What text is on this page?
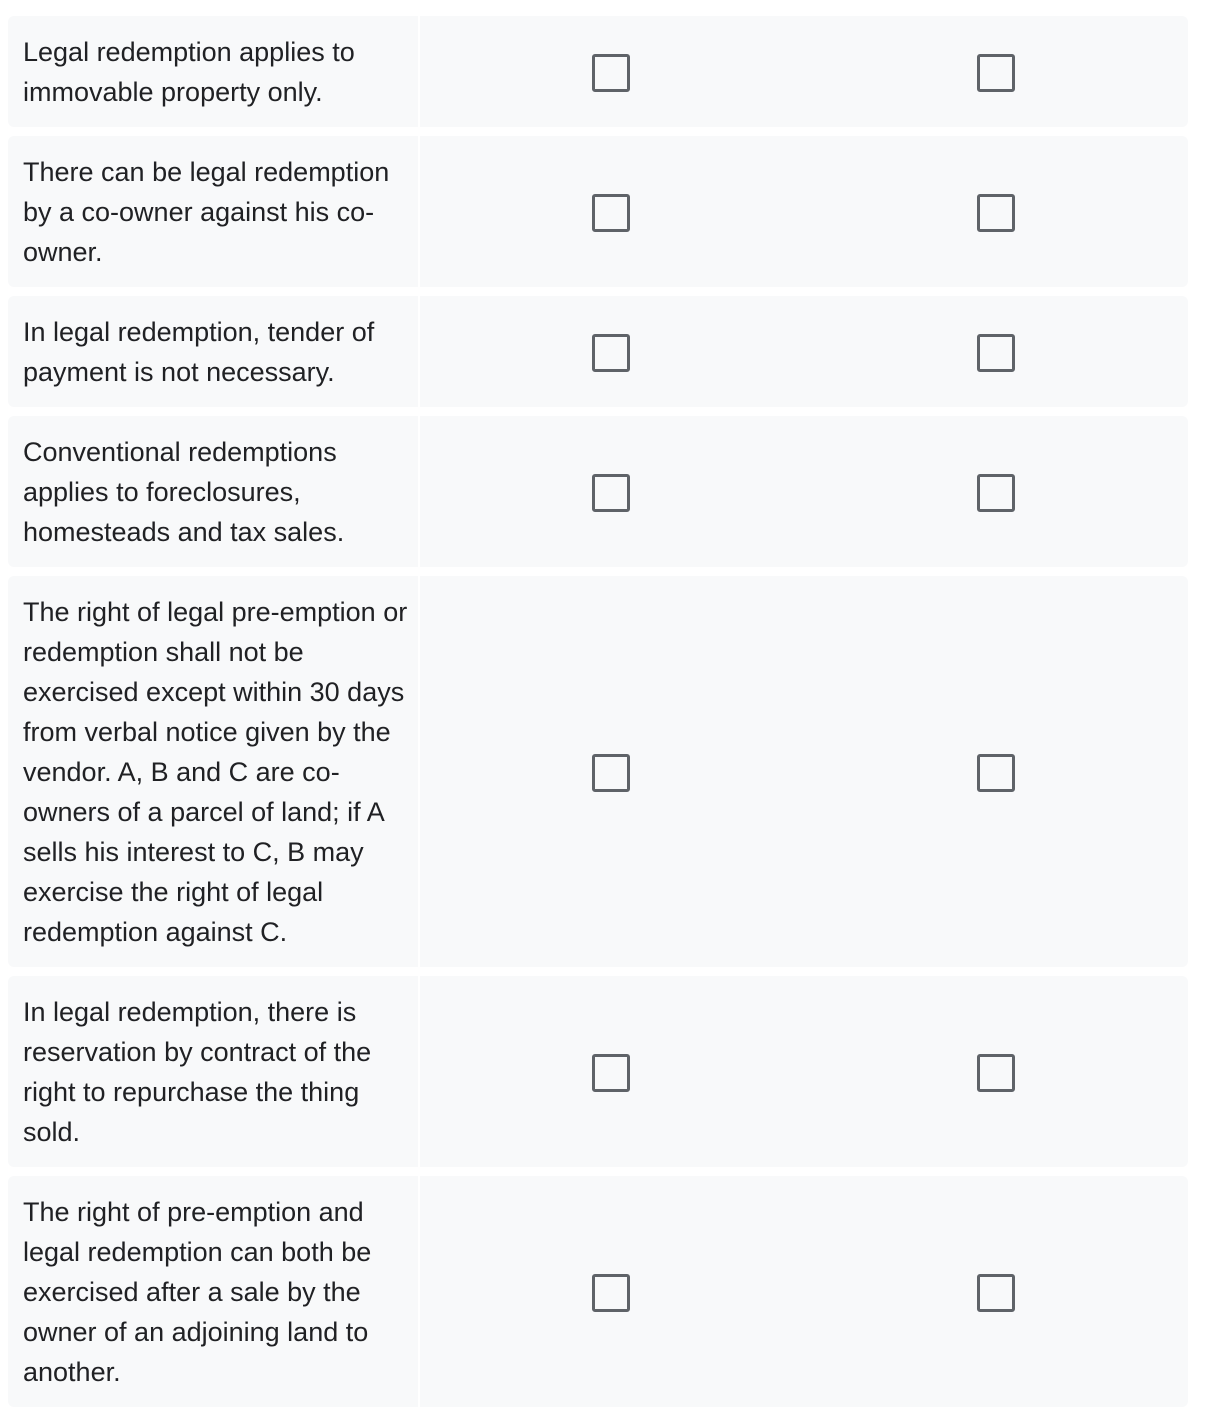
Legal redemption applies to immovable property only.
There can be legal redemption by a co-owner against his co-owner.
In legal redemption, tender of payment is not necessary.
Conventional redemptions applies to foreclosures, homesteads and tax sales.
The right of legal pre-emption or redemption shall not be exercised except within 30 days from verbal notice given by the vendor. A, B and C are co-owners of a parcel of land; if A sells his interest to C, B may exercise the right of legal redemption against C.
In legal redemption, there is reservation by contract of the right to repurchase the thing sold.
The right of pre-emption and legal redemption can both be exercised after a sale by the owner of an adjoining land to another.
